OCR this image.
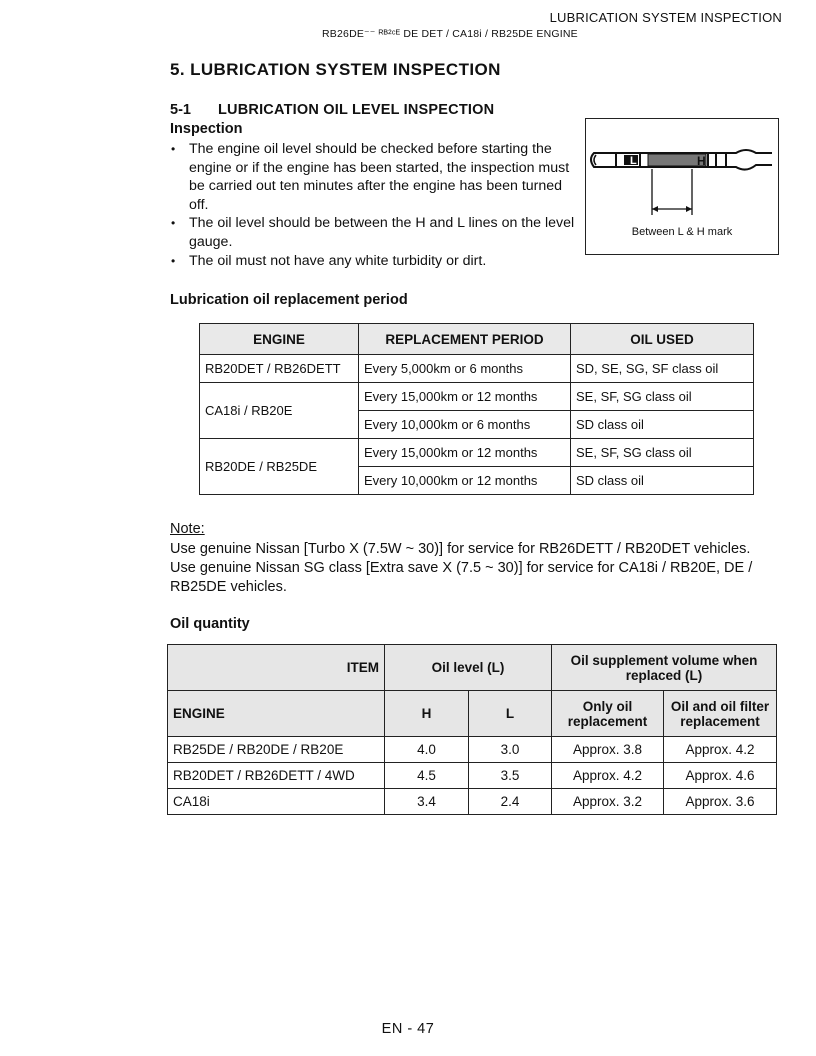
LUBRICATION SYSTEM INSPECTION
RB26DE⁻⁻ ᴿᴮ²ᶜᴱ DE DET / CA18i / RB25DE ENGINE
5. LUBRICATION SYSTEM INSPECTION
5-1 LUBRICATION OIL LEVEL INSPECTION
Inspection
• The engine oil level should be checked before starting the engine or if the engine has been started, the inspection must be carried out ten minutes after the engine has been turned off.
• The oil level should be between the H and L lines on the level gauge.
• The oil must not have any white turbidity or dirt.
L	H
Between L & H mark
Lubrication oil replacement period
ENGINE	REPLACEMENT PERIOD	OIL USED
RB20DET / RB26DETT	Every 5,000km or 6 months	SD, SE, SG, SF class oil
CA18i / RB20E	Every 15,000km or 12 months	SE, SF, SG class oil
	Every 10,000km or 6 months	SD class oil
RB20DE / RB25DE	Every 15,000km or 12 months	SE, SF, SG class oil
	Every 10,000km or 12 months	SD class oil
Note:
Use genuine Nissan [Turbo X (7.5W ~ 30)] for service for RB26DETT / RB20DET vehicles.
Use genuine Nissan SG class [Extra save X (7.5 ~ 30)] for service for CA18i / RB20E, DE / RB25DE vehicles.
Oil quantity
ITEM	Oil level (L)		Oil supplement volume when replaced (L)	
ENGINE	H	L	Only oil replacement	Oil and oil filter replacement
RB25DE / RB20DE / RB20E	4.0	3.0	Approx. 3.8	Approx. 4.2
RB20DET / RB26DETT / 4WD	4.5	3.5	Approx. 4.2	Approx. 4.6
CA18i	3.4	2.4	Approx. 3.2	Approx. 3.6
EN - 47
